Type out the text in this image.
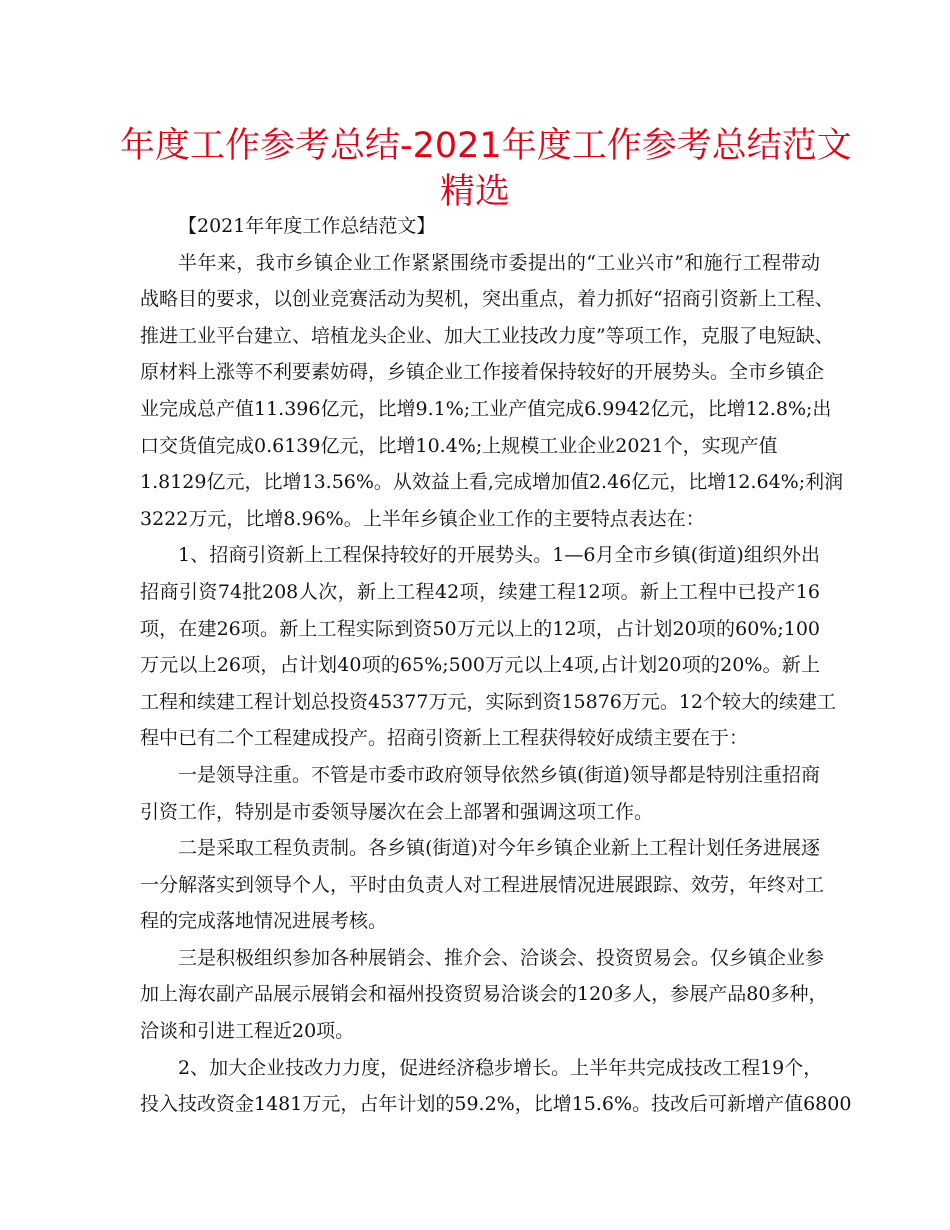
年度工作参考总结-2021年度工作参考总结范文
精选
【2021年年度工作总结范文】
半年来，我市乡镇企业工作紧紧围绕市委提出的“工业兴市”和施行工程带动
战略目的要求，以创业竞赛活动为契机，突出重点，着力抓好“招商引资新上工程、
推进工业平台建立、培植龙头企业、加大工业技改力度”等项工作，克服了电短缺、
原材料上涨等不利要素妨碍，乡镇企业工作接着保持较好的开展势头。全市乡镇企
业完成总产值11.396亿元，比增9.1%;工业产值完成6.9942亿元，比增12.8%;出
口交货值完成0.6139亿元，比增10.4%;上规模工业企业2021个，实现产值
1.8129亿元，比增13.56%。从效益上看,完成增加值2.46亿元，比增12.64%;利润
3222万元，比增8.96%。上半年乡镇企业工作的主要特点表达在：
1、招商引资新上工程保持较好的开展势头。1—6月全市乡镇(街道)组织外出
招商引资74批208人次，新上工程42项，续建工程12项。新上工程中已投产16
项，在建26项。新上工程实际到资50万元以上的12项，占计划20项的60%;100
万元以上26项，占计划40项的65%;500万元以上4项,占计划20项的20%。新上
工程和续建工程计划总投资45377万元，实际到资15876万元。12个较大的续建工
程中已有二个工程建成投产。招商引资新上工程获得较好成绩主要在于：
一是领导注重。不管是市委市政府领导依然乡镇(街道)领导都是特别注重招商
引资工作，特别是市委领导屡次在会上部署和强调这项工作。
二是采取工程负责制。各乡镇(街道)对今年乡镇企业新上工程计划任务进展逐
一分解落实到领导个人，平时由负责人对工程进展情况进展跟踪、效劳，年终对工
程的完成落地情况进展考核。
三是积极组织参加各种展销会、推介会、洽谈会、投资贸易会。仅乡镇企业参
加上海农副产品展示展销会和福州投资贸易洽谈会的120多人，参展产品80多种，
洽谈和引进工程近20项。
2、加大企业技改力力度，促进经济稳步增长。上半年共完成技改工程19个，
投入技改资金1481万元，占年计划的59.2%，比增15.6%。技改后可新增产值6800
